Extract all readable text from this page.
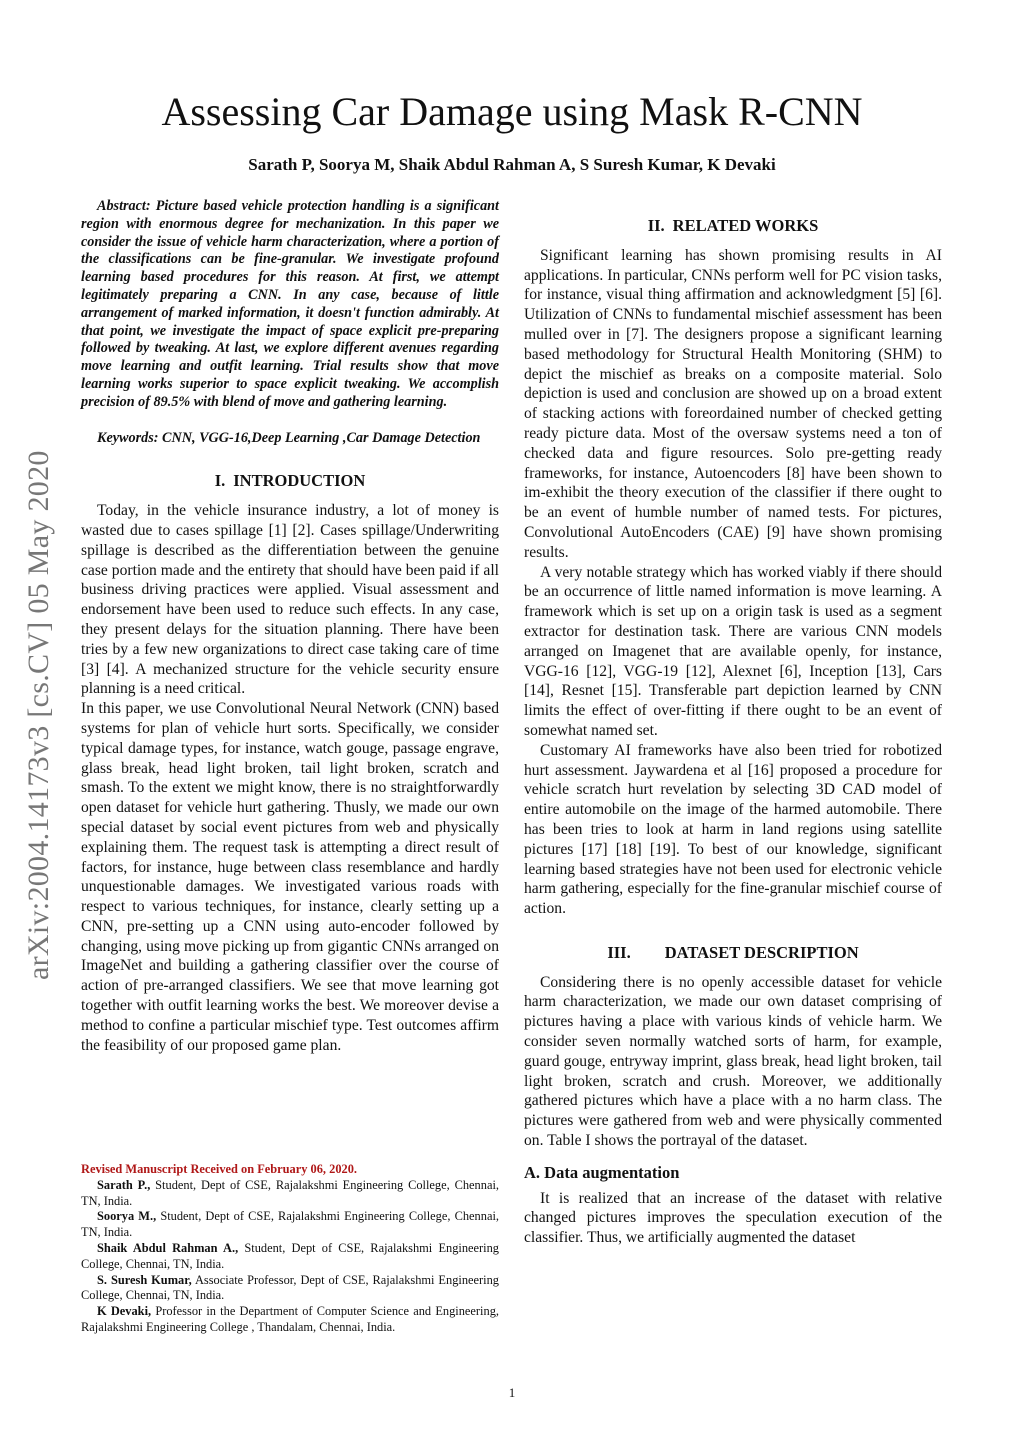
Assessing Car Damage using Mask R-CNN
Sarath P, Soorya M, Shaik Abdul Rahman A, S Suresh Kumar, K Devaki
arXiv:2004.14173v3 [cs.CV] 05 May 2020

Abstract: Picture based vehicle protection handling is a significant region with enormous degree for mechanization. In this paper we consider the issue of vehicle harm characterization, where a portion of the classifications can be fine-granular. We investigate profound learning based procedures for this reason. At first, we attempt legitimately preparing a CNN. In any case, because of little arrangement of marked information, it doesn't function admirably. At that point, we investigate the impact of space explicit pre-preparing followed by tweaking. At last, we explore different avenues regarding move learning and outfit learning. Trial results show that move learning works superior to space explicit tweaking. We accomplish precision of 89.5% with blend of move and gathering learning.

Keywords: CNN, VGG-16,Deep Learning ,Car Damage Detection

I. INTRODUCTION

Today, in the vehicle insurance industry, a lot of money is wasted due to cases spillage [1] [2]. Cases spillage/Underwriting spillage is described as the differentiation between the genuine case portion made and the entirety that should have been paid if all business driving practices were applied. Visual assessment and endorsement have been used to reduce such effects. In any case, they present delays for the situation planning. There have been tries by a few new organizations to direct case taking care of time [3] [4]. A mechanized structure for the vehicle security ensure planning is a need critical.

In this paper, we use Convolutional Neural Network (CNN) based systems for plan of vehicle hurt sorts. Specifically, we consider typical damage types, for instance, watch gouge, passage engrave, glass break, head light broken, tail light broken, scratch and smash. To the extent we might know, there is no straightforwardly open dataset for vehicle hurt gathering. Thusly, we made our own special dataset by social event pictures from web and physically explaining them. The request task is attempting a direct result of factors, for instance, huge between class resemblance and hardly unquestionable damages. We investigated various roads with respect to various techniques, for instance, clearly setting up a CNN, pre-setting up a CNN using auto-encoder followed by changing, using move picking up from gigantic CNNs arranged on ImageNet and building a gathering classifier over the course of action of pre-arranged classifiers. We see that move learning got together with outfit learning works the best. We moreover devise a method to confine a particular mischief type. Test outcomes affirm the feasibility of our proposed game plan.

Revised Manuscript Received on February 06, 2020.

Sarath P., Student, Dept of CSE, Rajalakshmi Engineering College, Chennai, TN, India.

Soorya M., Student, Dept of CSE, Rajalakshmi Engineering College, Chennai, TN, India.

Shaik Abdul Rahman A., Student, Dept of CSE, Rajalakshmi Engineering College, Chennai, TN, India.

S. Suresh Kumar, Associate Professor, Dept of CSE, Rajalakshmi Engineering College, Chennai, TN, India.

K Devaki, Professor in the Department of Computer Science and Engineering, Rajalakshmi Engineering College , Thandalam, Chennai, India.

II. RELATED WORKS

Significant learning has shown promising results in AI applications. In particular, CNNs perform well for PC vision tasks, for instance, visual thing affirmation and acknowledgment [5] [6]. Utilization of CNNs to fundamental mischief assessment has been mulled over in [7]. The designers propose a significant learning based methodology for Structural Health Monitoring (SHM) to depict the mischief as breaks on a composite material. Solo depiction is used and conclusion are showed up on a broad extent of stacking actions with foreordained number of checked getting ready picture data. Most of the oversaw systems need a ton of checked data and figure resources. Solo pre-getting ready frameworks, for instance, Autoencoders [8] have been shown to im-exhibit the theory execution of the classifier if there ought to be an event of humble number of named tests. For pictures, Convolutional AutoEncoders (CAE) [9] have shown promising results.

A very notable strategy which has worked viably if there should be an occurrence of little named information is move learning. A framework which is set up on a origin task is used as a segment extractor for destination task. There are various CNN models arranged on Imagenet that are available openly, for instance, VGG-16 [12], VGG-19 [12], Alexnet [6], Inception [13], Cars [14], Resnet [15]. Transferable part depiction learned by CNN limits the effect of over-fitting if there ought to be an event of somewhat named set.

Customary AI frameworks have also been tried for robotized hurt assessment. Jaywardena et al [16] proposed a procedure for vehicle scratch hurt revelation by selecting 3D CAD model of entire automobile on the image of the harmed automobile. There has been tries to look at harm in land regions using satellite pictures [17] [18] [19]. To best of our knowledge, significant learning based strategies have not been used for electronic vehicle harm gathering, especially for the fine-granular mischief course of action.

III. DATASET DESCRIPTION

Considering there is no openly accessible dataset for vehicle harm characterization, we made our own dataset comprising of pictures having a place with various kinds of vehicle harm. We consider seven normally watched sorts of harm, for example, guard gouge, entryway imprint, glass break, head light broken, tail light broken, scratch and crush. Moreover, we additionally gathered pictures which have a place with a no harm class. The pictures were gathered from web and were physically commented on. Table I shows the portrayal of the dataset.

A. Data augmentation

It is realized that an increase of the dataset with relative changed pictures improves the speculation execution of the classifier. Thus, we artificially augmented the dataset

1
